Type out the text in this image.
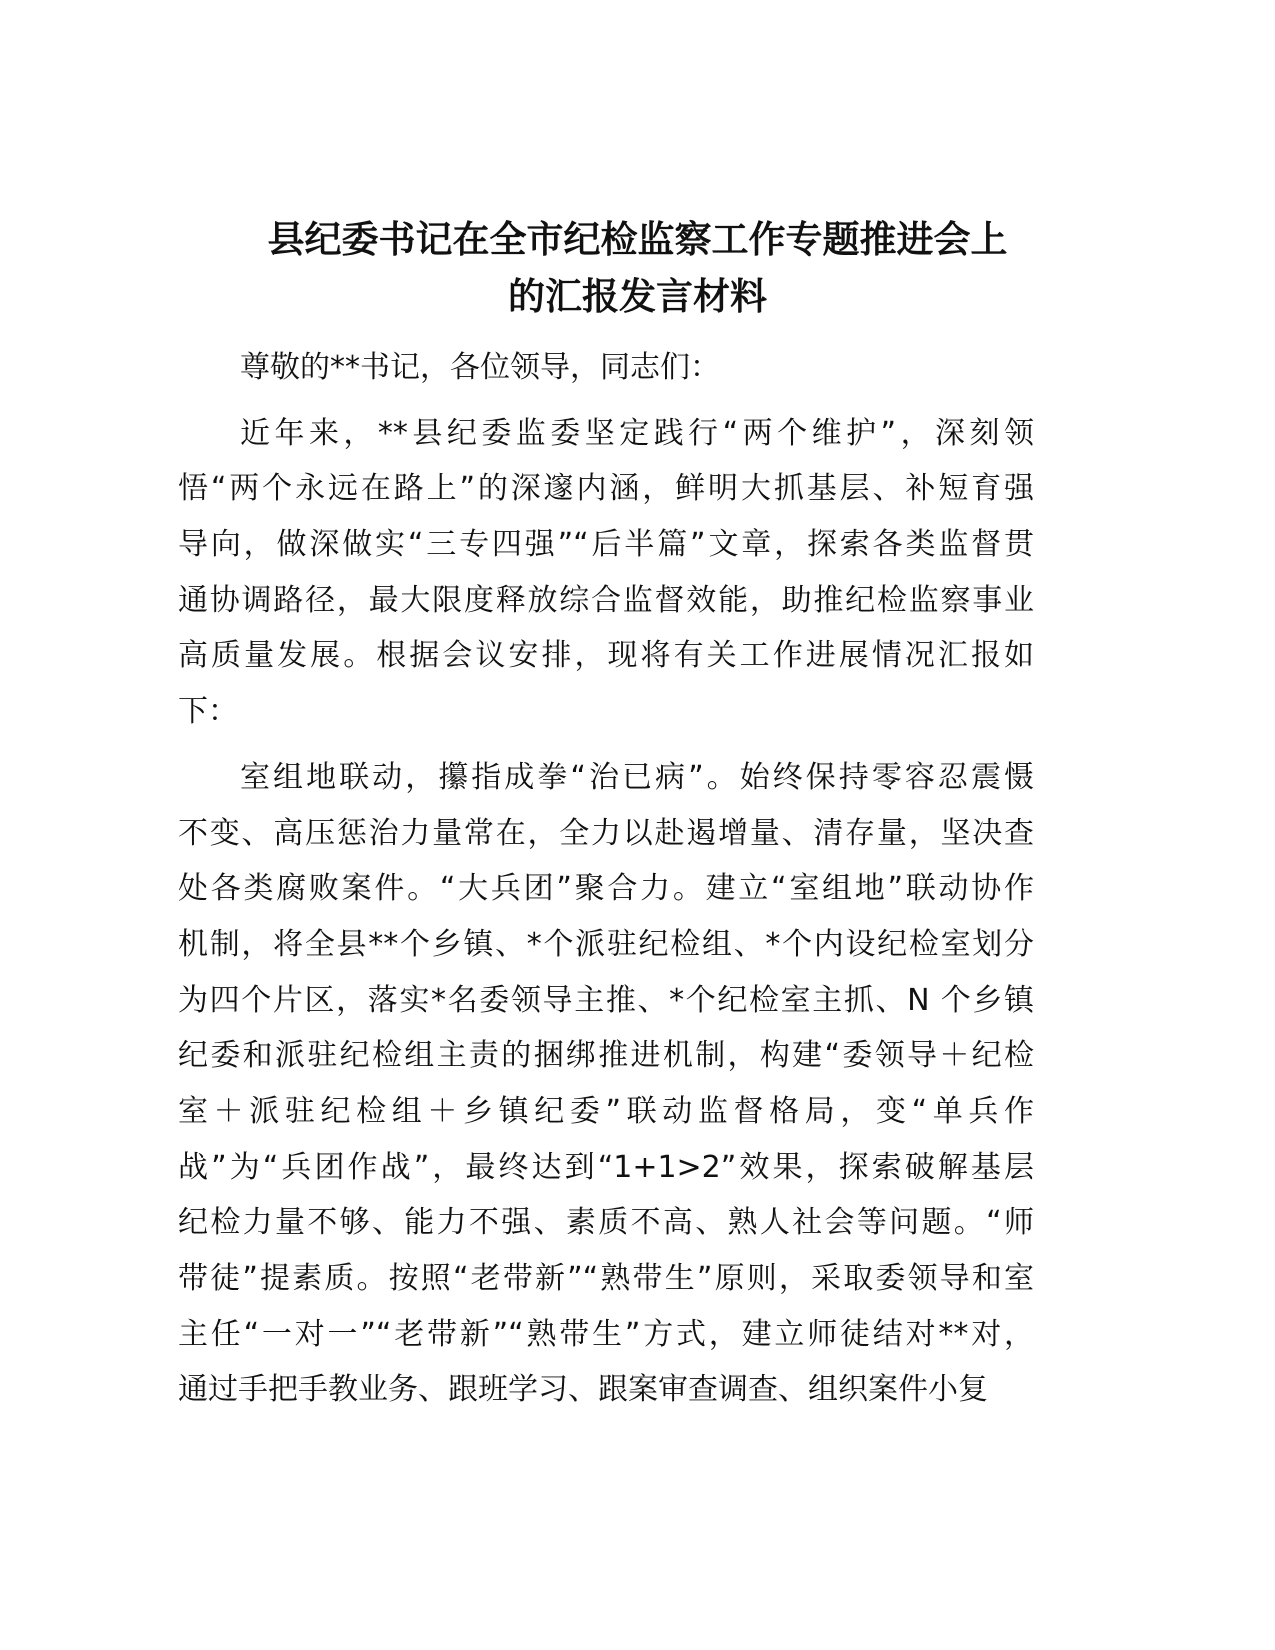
县纪委书记在全市纪检监察工作专题推进会上
的汇报发言材料
尊敬的**书记，各位领导，同志们：
近年来，**县纪委监委坚定践行“两个维护”，深刻领
悟“两个永远在路上”的深邃内涵，鲜明大抓基层、补短育强
导向，做深做实“三专四强”“后半篇”文章，探索各类监督贯
通协调路径，最大限度释放综合监督效能，助推纪检监察事业
高质量发展。根据会议安排，现将有关工作进展情况汇报如
下：
室组地联动，攥指成拳“治已病”。始终保持零容忍震慑
不变、高压惩治力量常在，全力以赴遏增量、清存量，坚决查
处各类腐败案件。“大兵团”聚合力。建立“室组地”联动协作
机制，将全县**个乡镇、*个派驻纪检组、*个内设纪检室划分
为四个片区，落实*名委领导主推、*个纪检室主抓、N 个乡镇
纪委和派驻纪检组主责的捆绑推进机制，构建“委领导＋纪检
室＋派驻纪检组＋乡镇纪委”联动监督格局，变“单兵作
战”为“兵团作战”，最终达到“1+1>2”效果，探索破解基层
纪检力量不够、能力不强、素质不高、熟人社会等问题。“师
带徒”提素质。按照“老带新”“熟带生”原则，采取委领导和室
主任“一对一”“老带新”“熟带生”方式，建立师徒结对**对，
通过手把手教业务、跟班学习、跟案审查调查、组织案件小复
